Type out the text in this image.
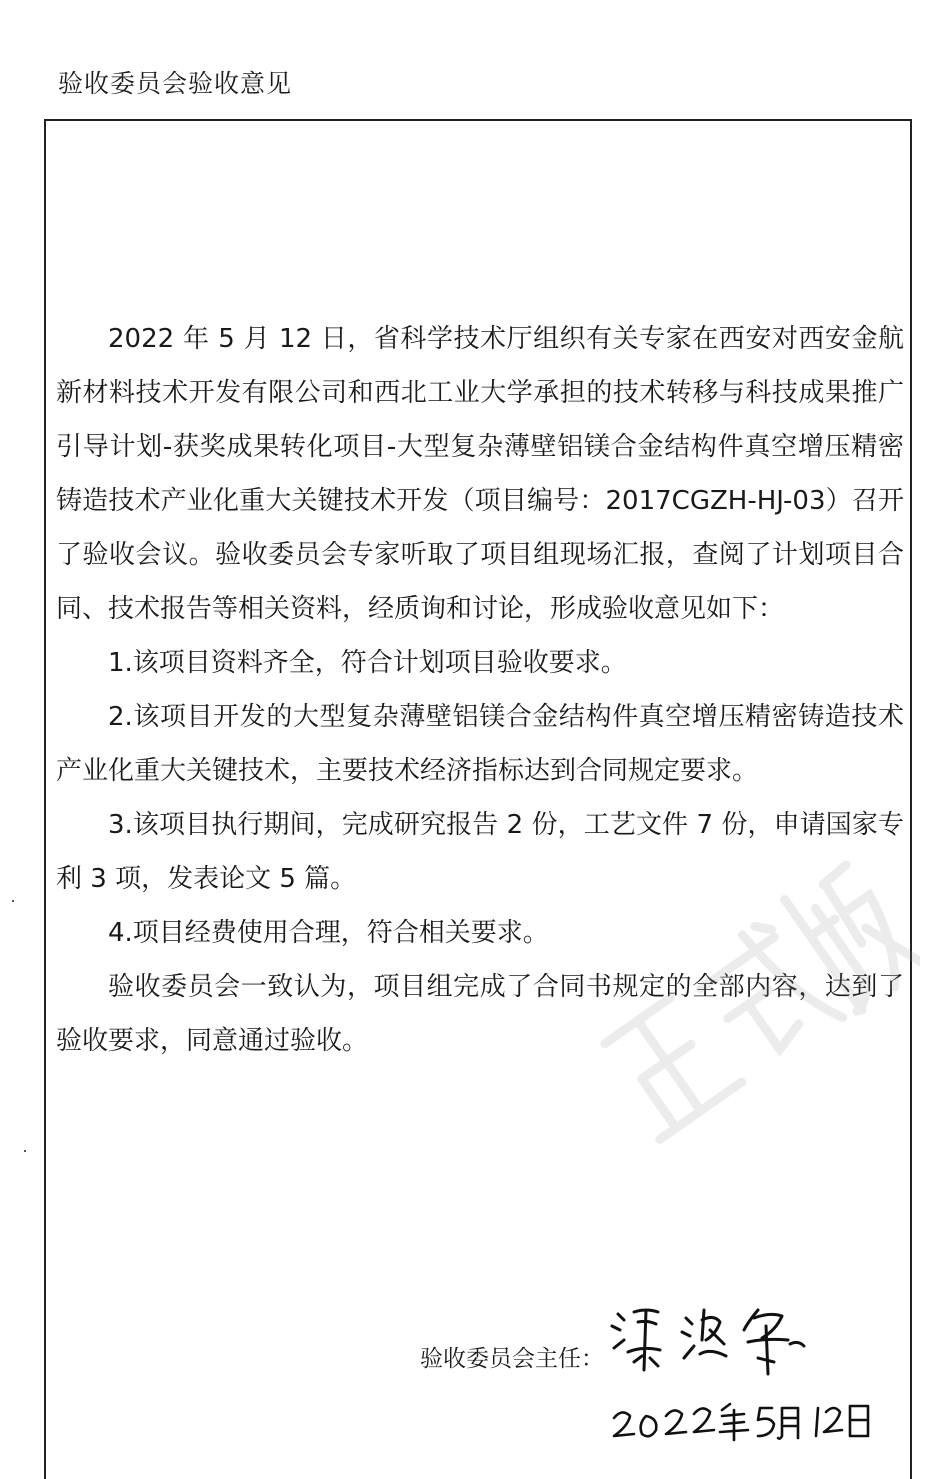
验收委员会验收意见

2022 年 5 月 12 日，省科学技术厅组织有关专家在西安对西安金航新材料技术开发有限公司和西北工业大学承担的技术转移与科技成果推广引导计划-获奖成果转化项目-大型复杂薄壁铝镁合金结构件真空增压精密铸造技术产业化重大关键技术开发（项目编号：2017CGZH-HJ-03）召开了验收会议。验收委员会专家听取了项目组现场汇报，查阅了计划项目合同、技术报告等相关资料，经质询和讨论，形成验收意见如下：

1.该项目资料齐全，符合计划项目验收要求。

2.该项目开发的大型复杂薄壁铝镁合金结构件真空增压精密铸造技术产业化重大关键技术，主要技术经济指标达到合同规定要求。

3.该项目执行期间，完成研究报告 2 份，工艺文件 7 份，申请国家专利 3 项，发表论文 5 篇。

4.项目经费使用合理，符合相关要求。

验收委员会一致认为，项目组完成了合同书规定的全部内容，达到了验收要求，同意通过验收。

验收委员会主任：
